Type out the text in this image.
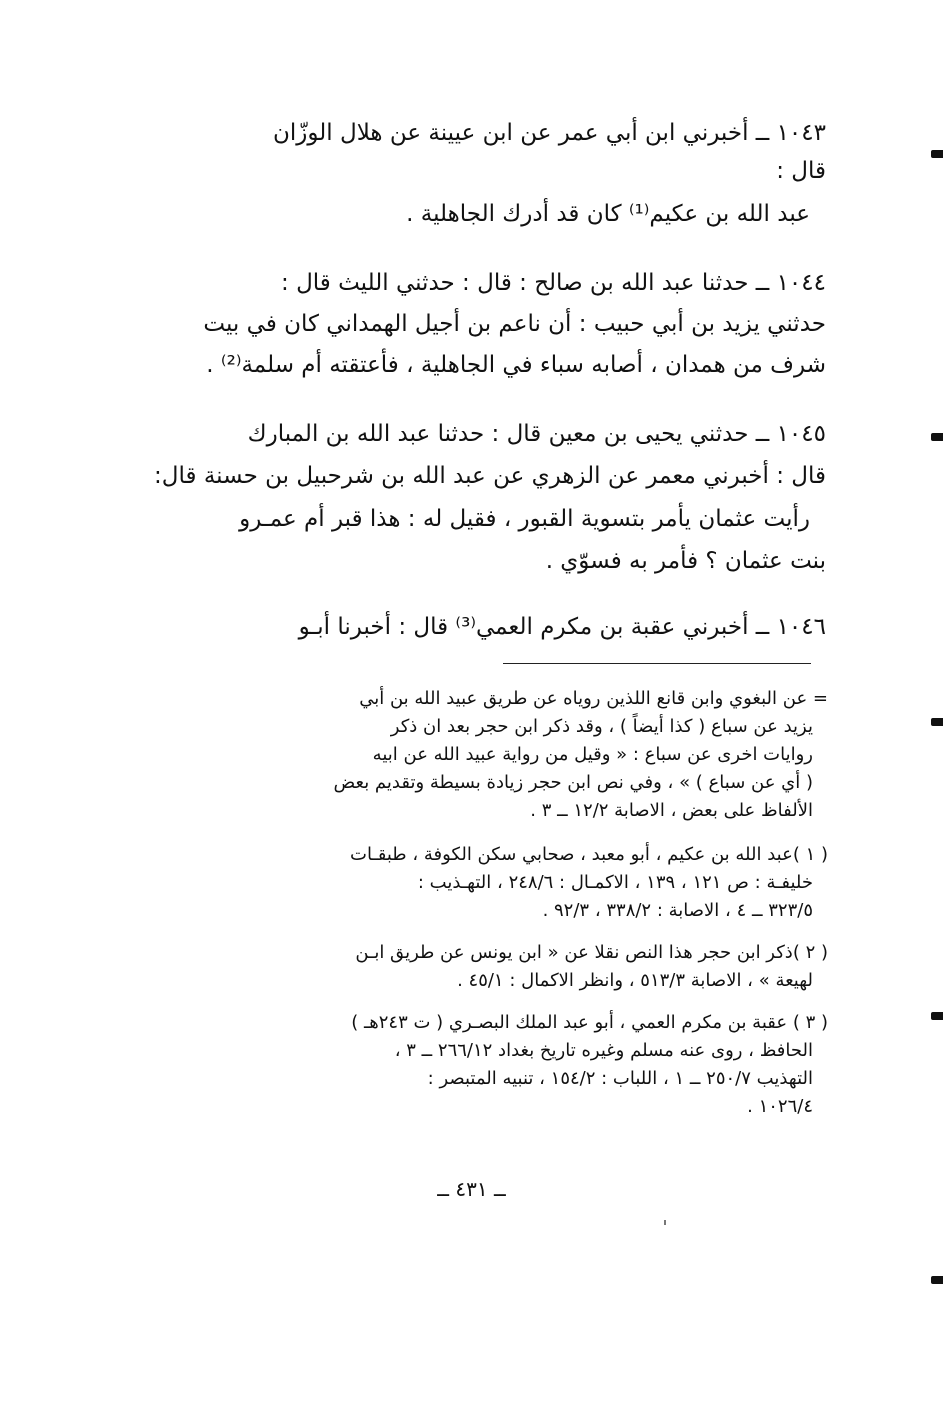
١٠٤٣ ــ أخبرني ابن أبي عمر عن ابن عيينة عن هلال الوزّان
قال :
عبد الله بن عكيم⁽¹⁾ كان قد أدرك الجاهلية .
١٠٤٤ ــ حدثنا عبد الله بن صالح : قال : حدثني الليث قال :
حدثني يزيد بن أبي حبيب : أن ناعم بن أجيل الهمداني كان في بيت
شرف من همدان ، أصابه سباء في الجاهلية ، فأعتقته أم سلمة⁽²⁾ .
١٠٤٥ ــ حدثني يحيى بن معين قال : حدثنا عبد الله بن المبارك
قال : أخبرني معمر عن الزهري عن عبد الله بن شرحبيل بن حسنة قال:
رأيت عثمان يأمر بتسوية القبور ، فقيل له : هذا قبر أم عمـرو
بنت عثمان ؟ فأمر به فسوّي .
١٠٤٦ ــ أخبرني عقبة بن مكرم العمي⁽³⁾ قال : أخبرنا أبـو
= عن البغوي وابن قانع اللذين روياه عن طريق عبيد الله بن أبي
يزيد عن سباع ( كذا أيضاً ) ، وقد ذكر ابن حجر بعد ان ذكر
روايات اخرى عن سباع : « وقيل من رواية عبيد الله عن ابيه
( أي عن سباع ) » ، وفي نص ابن حجر زيادة بسيطة وتقديم بعض
الألفاظ على بعض ، الاصابة ١٢/٢ ــ ٣ .
( ١ )عبد الله بن عكيم ، أبو معبد ، صحابي سكن الكوفة ، طبقـات
خليفـة : ص ١٢١ ، ١٣٩ ، الاكمـال : ٢٤٨/٦ ، التهـذيب :
٣٢٣/٥ ــ ٤ ، الاصابة : ٣٣٨/٢ ، ٩٢/٣ .
( ٢ )ذكر ابن حجر هذا النص نقلا عن « ابن يونس عن طريق ابـن
لهيعة » ، الاصابة ٥١٣/٣ ، وانظر الاكمال : ٤٥/١ .
( ٣ ) عقبة بن مكرم العمي ، أبو عبد الملك البصـري ( ت ٢٤٣هـ )
الحافظ ، روى عنه مسلم وغيره تاريخ بغداد ٢٦٦/١٢ ــ ٣ ،
التهذيب ٢٥٠/٧ ــ ١ ، اللباب : ١٥٤/٢ ، تنبيه المتبصر :
. ١٠٢٦/٤
ــ ٤٣١ ــ
